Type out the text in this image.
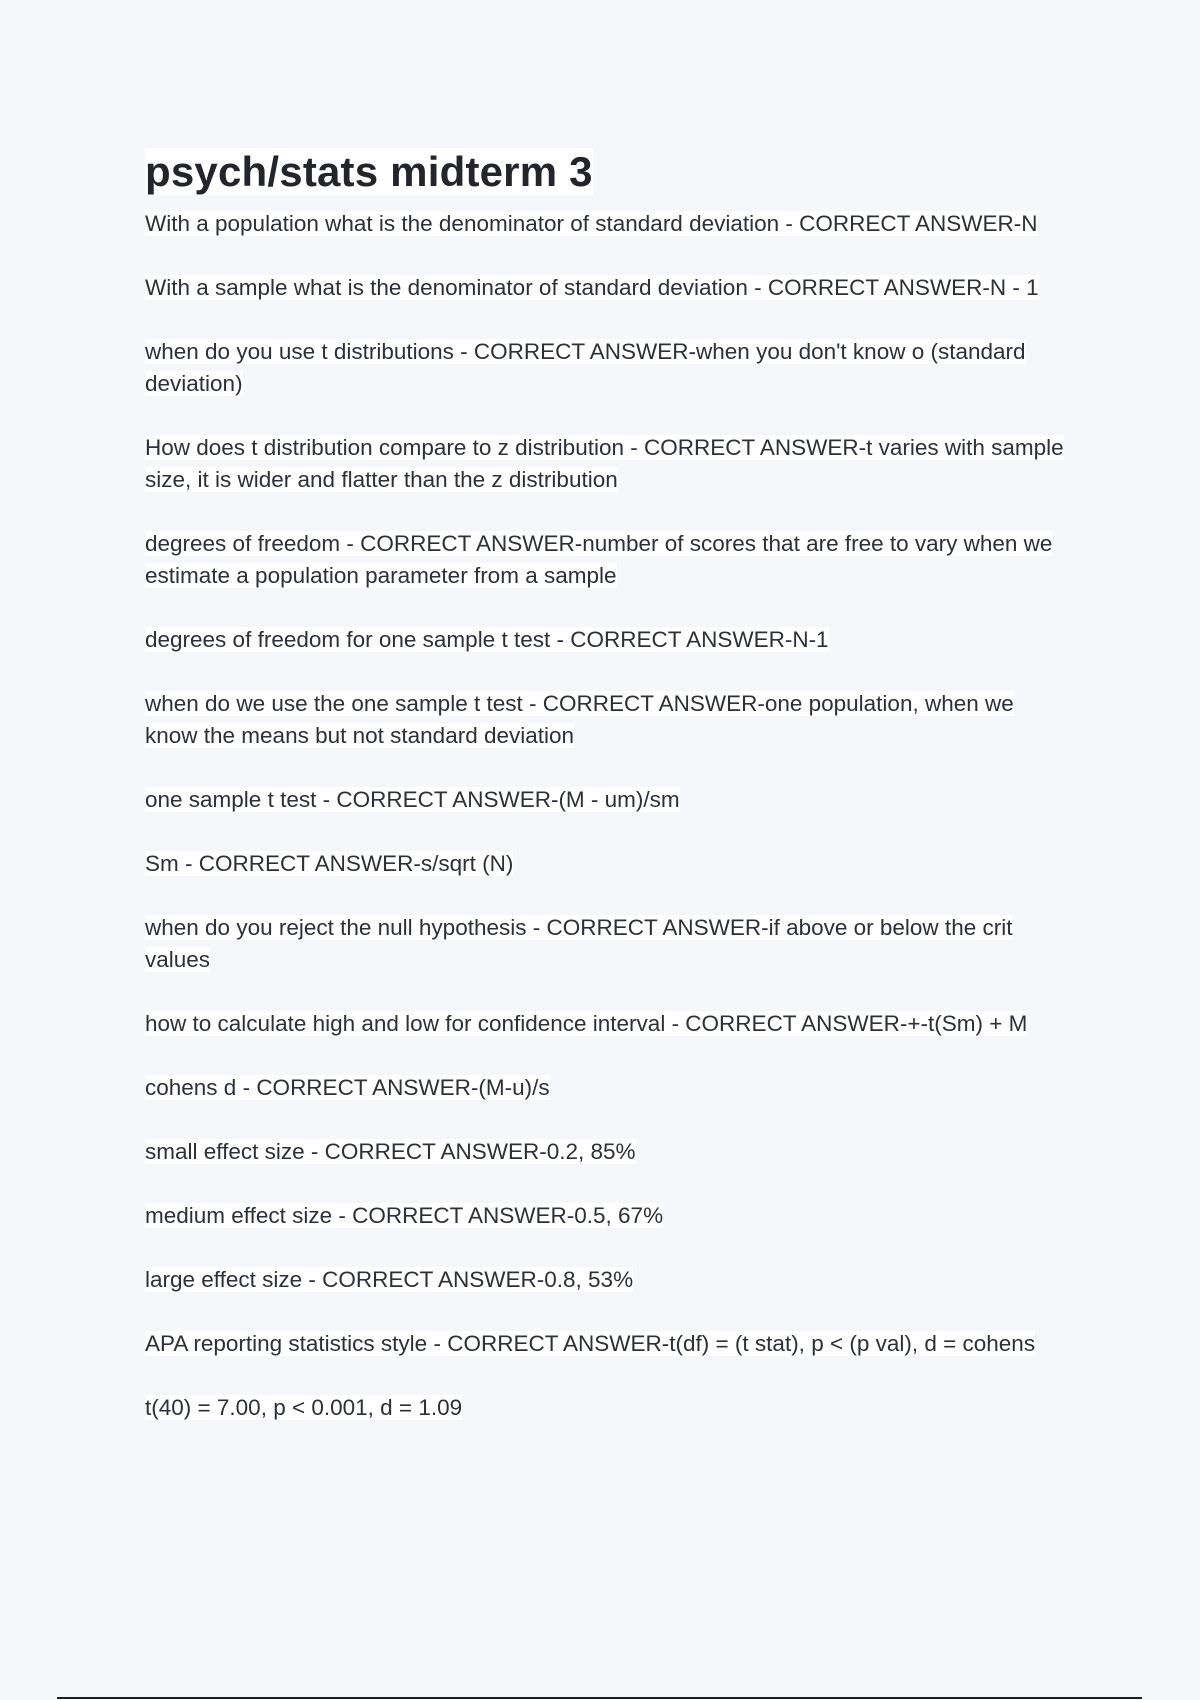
psych/stats midterm 3
With a population what is the denominator of standard deviation - CORRECT ANSWER-N
With a sample what is the denominator of standard deviation - CORRECT ANSWER-N - 1
when do you use t distributions - CORRECT ANSWER-when you don't know o (standard deviation)
How does t distribution compare to z distribution - CORRECT ANSWER-t varies with sample size, it is wider and flatter than the z distribution
degrees of freedom - CORRECT ANSWER-number of scores that are free to vary when we estimate a population parameter from a sample
degrees of freedom for one sample t test - CORRECT ANSWER-N-1
when do we use the one sample t test - CORRECT ANSWER-one population, when we know the means but not standard deviation
one sample t test - CORRECT ANSWER-(M - um)/sm
Sm - CORRECT ANSWER-s/sqrt (N)
when do you reject the null hypothesis - CORRECT ANSWER-if above or below the crit values
how to calculate high and low for confidence interval - CORRECT ANSWER-+-t(Sm) + M
cohens d - CORRECT ANSWER-(M-u)/s
small effect size - CORRECT ANSWER-0.2, 85%
medium effect size - CORRECT ANSWER-0.5, 67%
large effect size - CORRECT ANSWER-0.8, 53%
APA reporting statistics style - CORRECT ANSWER-t(df) = (t stat), p < (p val), d = cohens
t(40) = 7.00, p < 0.001, d = 1.09
